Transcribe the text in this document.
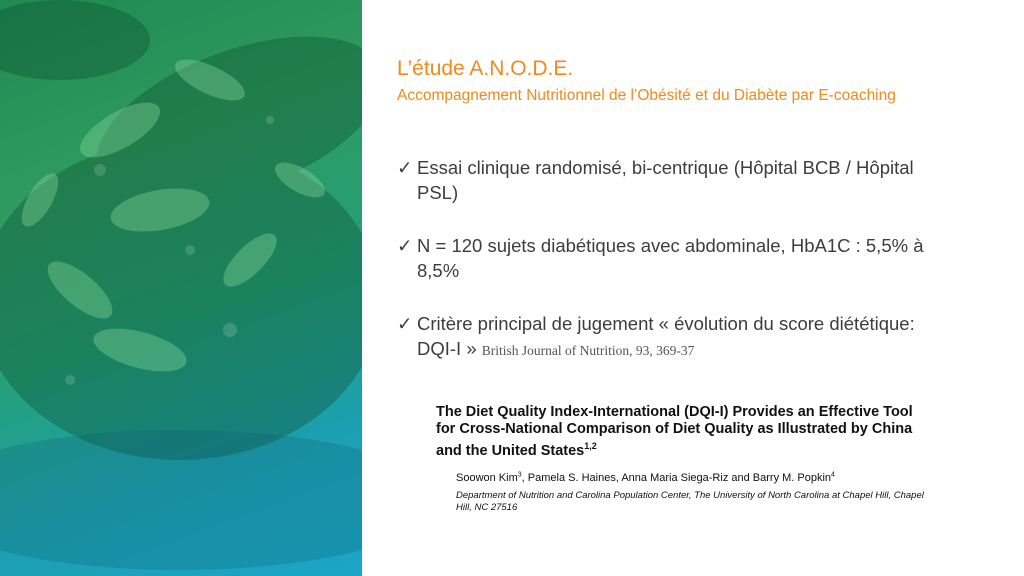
L’étude A.N.O.D.E.
Accompagnement Nutritionnel de l’Obésité et du Diabète par E-coaching
✓ Essai clinique randomisé, bi-centrique (Hôpital BCB / Hôpital PSL)
✓ N = 120 sujets diabétiques avec abdominale, HbA1C : 5,5% à 8,5%
✓ Critère principal de jugement « évolution du score diététique: DQI-I » British Journal of Nutrition, 93, 369-37
The Diet Quality Index-International (DQI-I) Provides an Effective Tool for Cross-National Comparison of Diet Quality as Illustrated by China and the United States$^{1,2}$
Soowon Kim$^3$, Pamela S. Haines, Anna Maria Siega-Riz and Barry M. Popkin$^4$
Department of Nutrition and Carolina Population Center, The University of North Carolina at Chapel Hill, Chapel Hill, NC 27516
